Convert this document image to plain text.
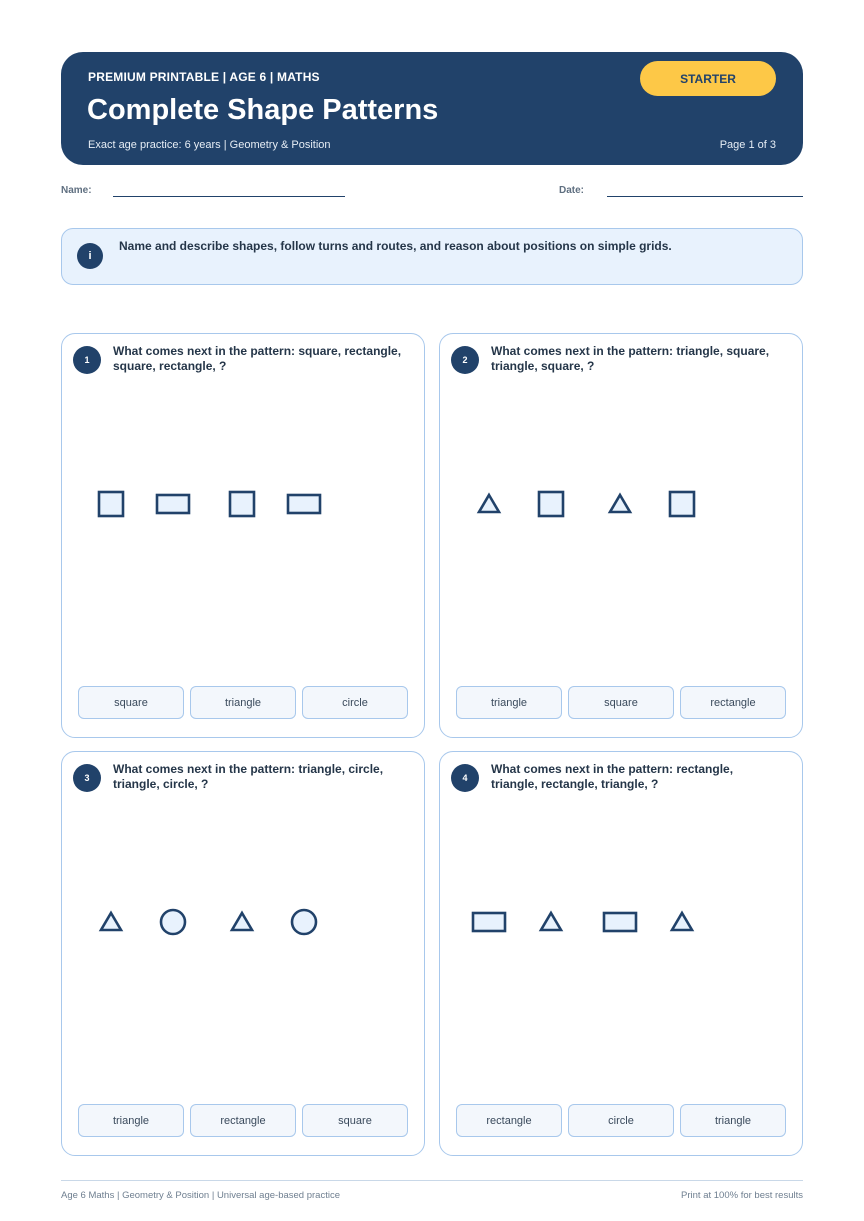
PREMIUM PRINTABLE | AGE 6 | MATHS
Complete Shape Patterns
Exact age practice: 6 years | Geometry & Position	Page 1 of 3
STARTER
Name:	Date:
i
Name and describe shapes, follow turns and routes, and reason about positions on simple grids.
1
What comes next in the pattern: square, rectangle, square, rectangle, ?
square	triangle	circle
2
What comes next in the pattern: triangle, square, triangle, square, ?
triangle	square	rectangle
3
What comes next in the pattern: triangle, circle, triangle, circle, ?
triangle	rectangle	square
4
What comes next in the pattern: rectangle, triangle, rectangle, triangle, ?
rectangle	circle	triangle
Age 6 Maths | Geometry & Position | Universal age-based practice	Print at 100% for best results
